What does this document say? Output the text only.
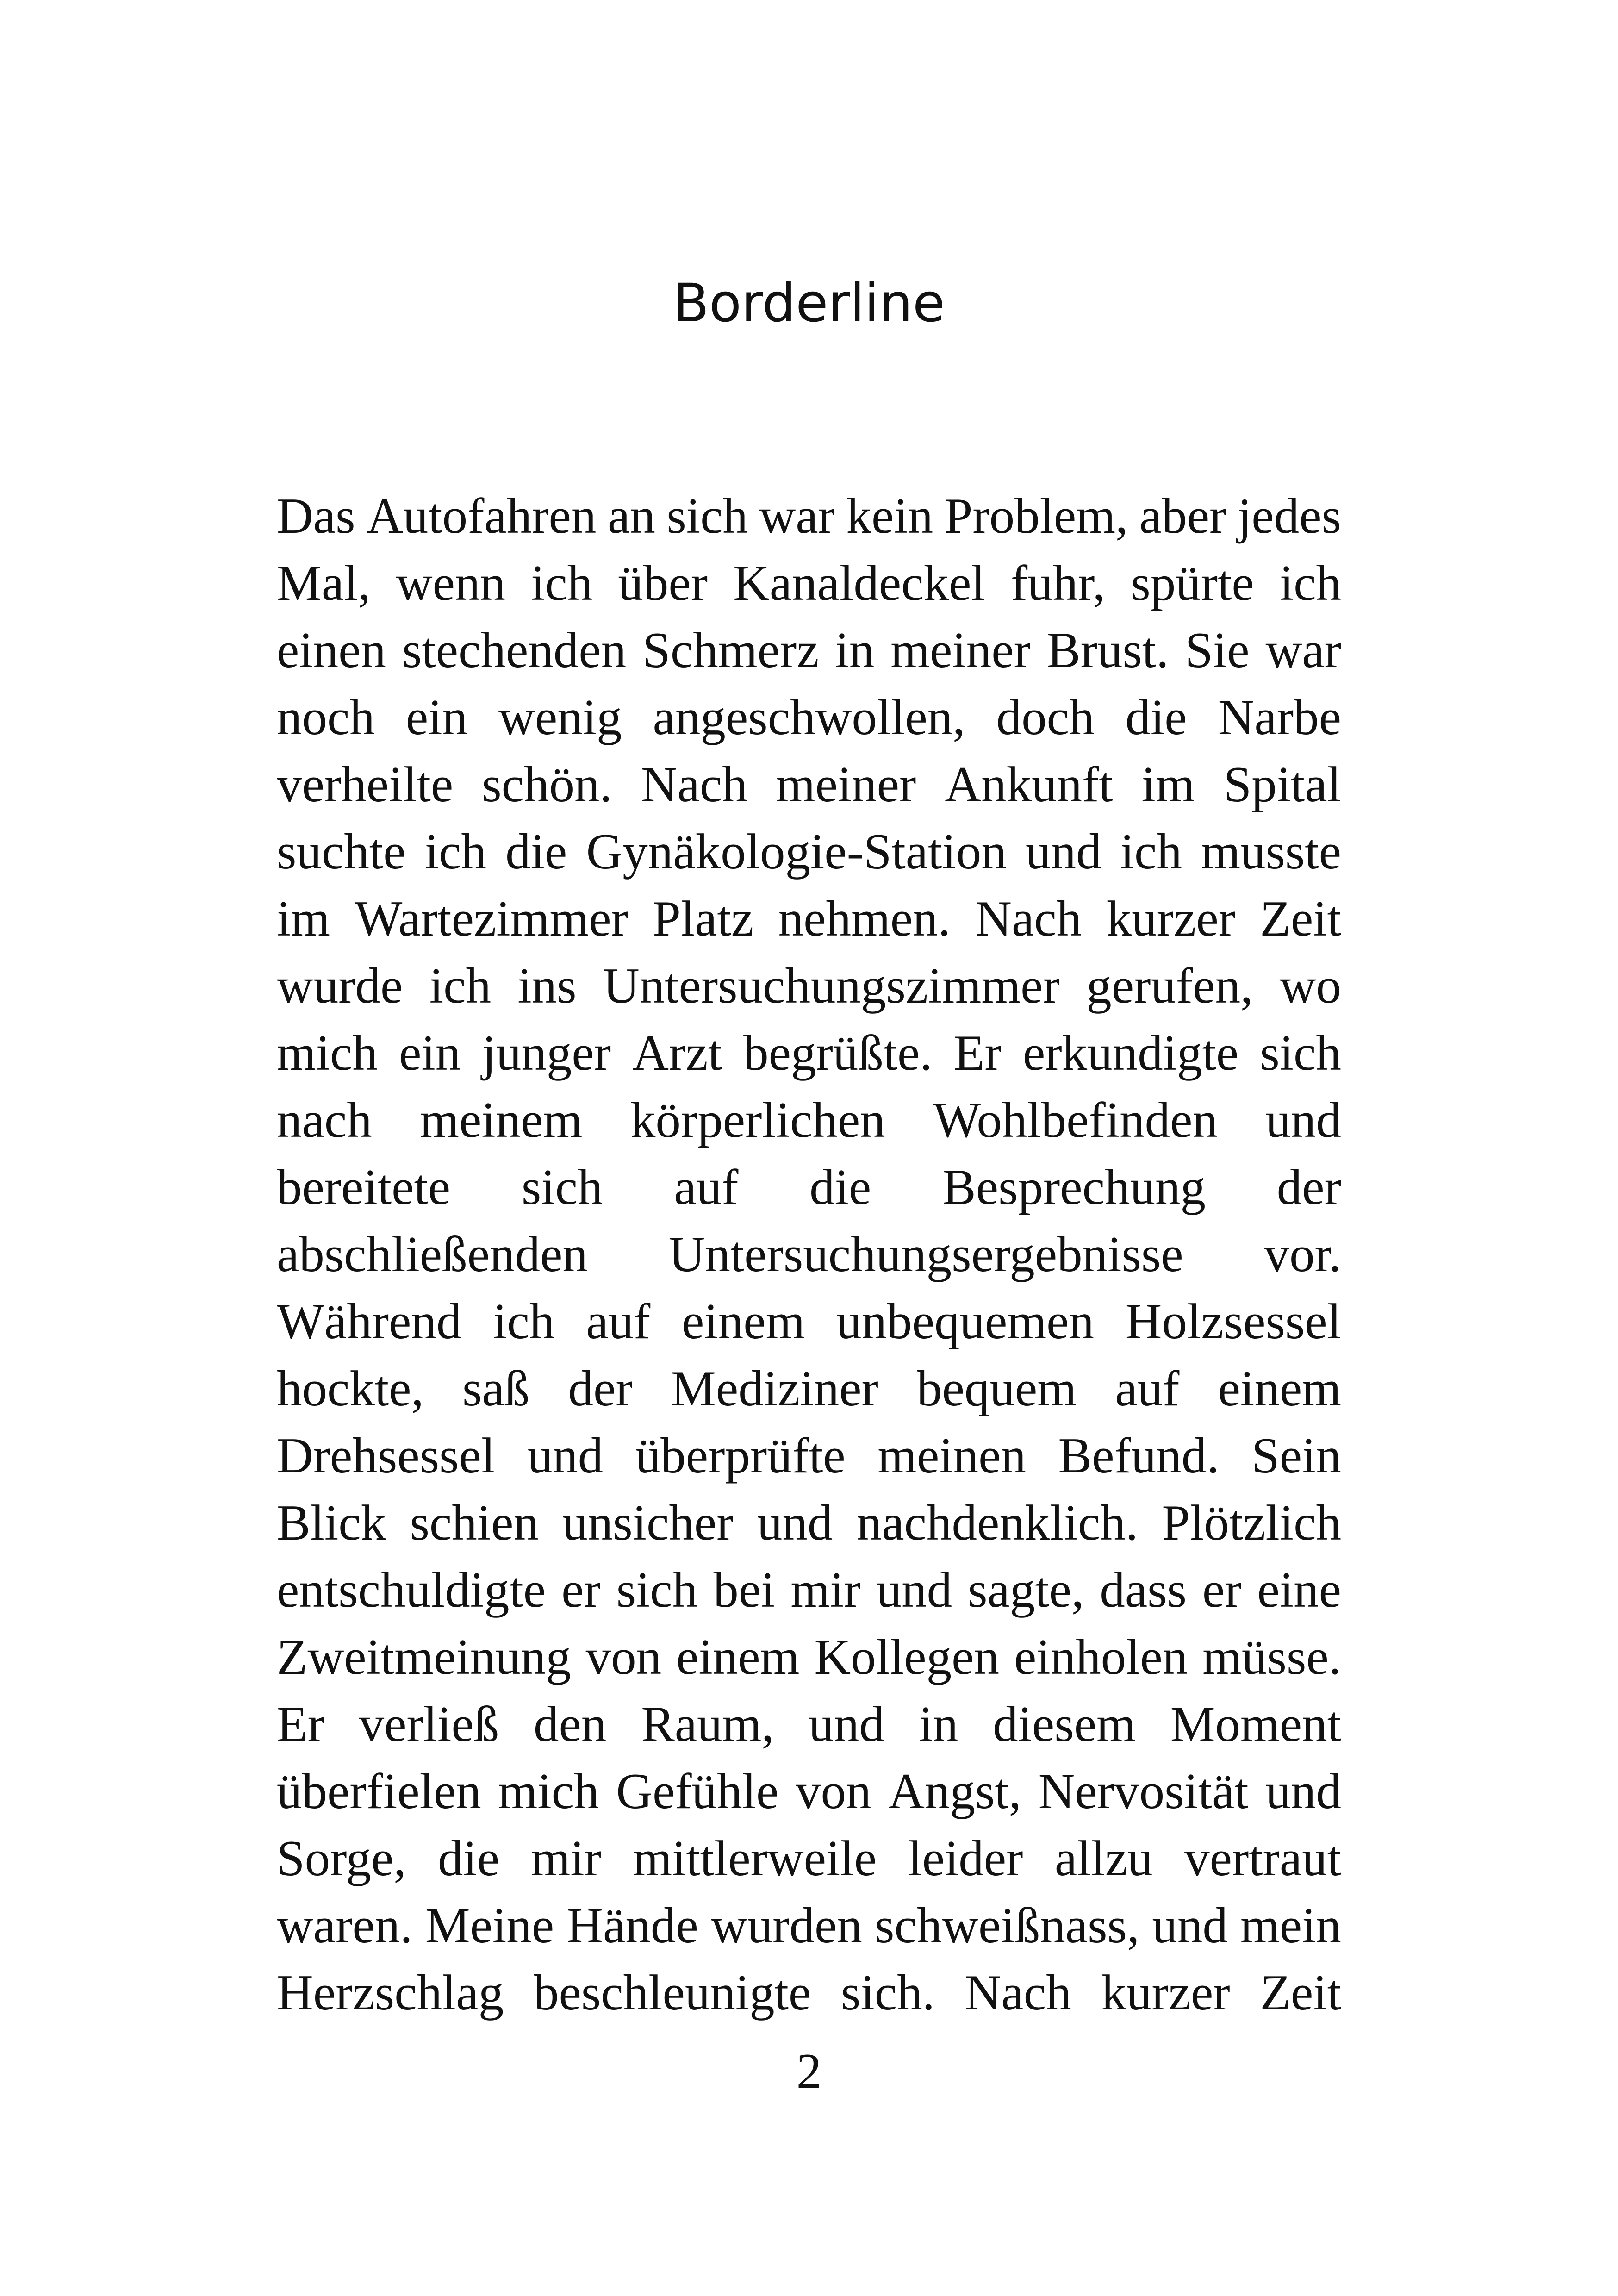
Borderline
Das Autofahren an sich war kein Problem, aber jedes
Mal, wenn ich über Kanaldeckel fuhr, spürte ich
einen stechenden Schmerz in meiner Brust. Sie war
noch ein wenig angeschwollen, doch die Narbe
verheilte schön. Nach meiner Ankunft im Spital
suchte ich die Gynäkologie-Station und ich musste
im Wartezimmer Platz nehmen. Nach kurzer Zeit
wurde ich ins Untersuchungszimmer gerufen, wo
mich ein junger Arzt begrüßte. Er erkundigte sich
nach meinem körperlichen Wohlbefinden und
bereitete sich auf die Besprechung der
abschließenden Untersuchungsergebnisse vor.
Während ich auf einem unbequemen Holzsessel
hockte, saß der Mediziner bequem auf einem
Drehsessel und überprüfte meinen Befund. Sein
Blick schien unsicher und nachdenklich. Plötzlich
entschuldigte er sich bei mir und sagte, dass er eine
Zweitmeinung von einem Kollegen einholen müsse.
Er verließ den Raum, und in diesem Moment
überfielen mich Gefühle von Angst, Nervosität und
Sorge, die mir mittlerweile leider allzu vertraut
waren. Meine Hände wurden schweißnass, und mein
Herzschlag beschleunigte sich. Nach kurzer Zeit
2
